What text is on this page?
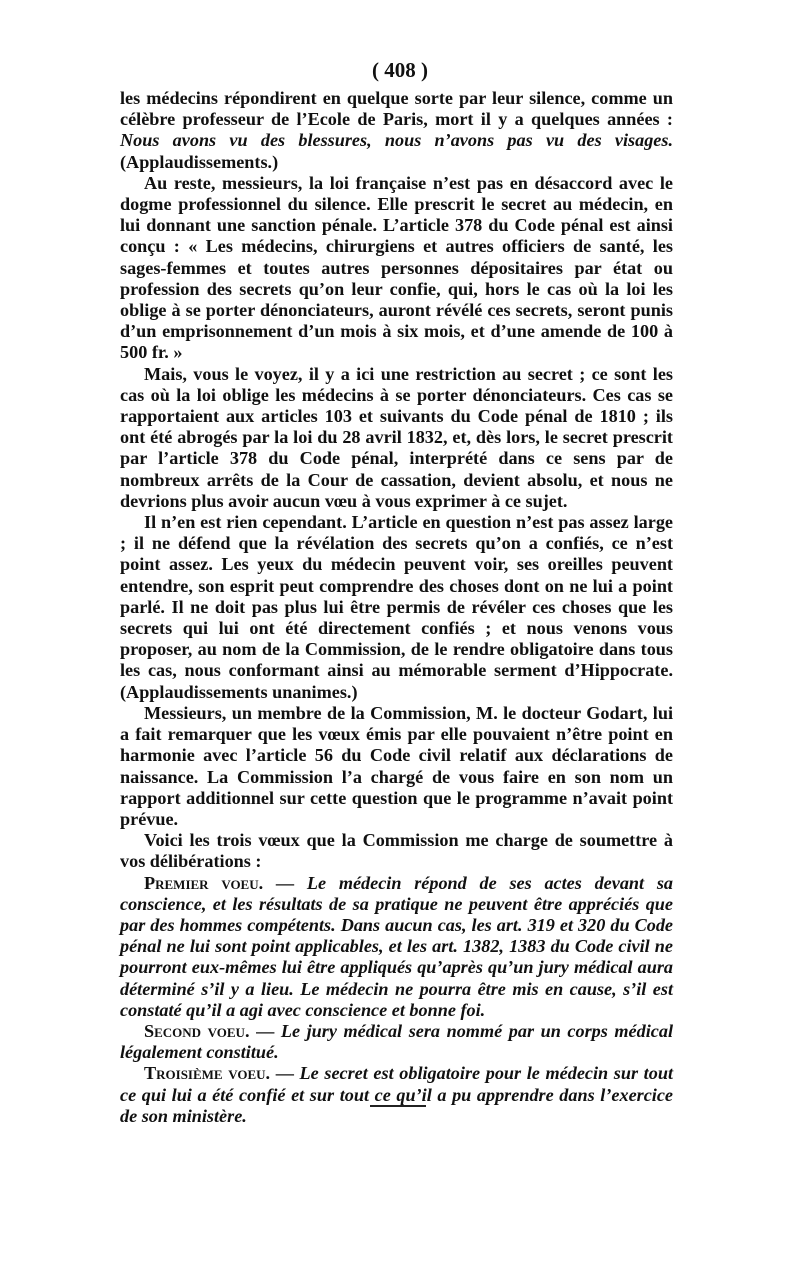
( 408 )

les médecins répondirent en quelque sorte par leur silence, comme un célèbre professeur de l’Ecole de Paris, mort il y a quelques années : Nous avons vu des blessures, nous n’avons pas vu des visages. (Applaudissements.)

Au reste, messieurs, la loi française n’est pas en désaccord avec le dogme professionnel du silence. Elle prescrit le secret au médecin, en lui donnant une sanction pénale. L’article 378 du Code pénal est ainsi conçu : « Les médecins, chirurgiens et autres officiers de santé, les sages-femmes et toutes autres personnes dépositaires par état ou profession des secrets qu’on leur confie, qui, hors le cas où la loi les oblige à se porter dénonciateurs, auront révélé ces secrets, seront punis d’un emprisonnement d’un mois à six mois, et d’une amende de 100 à 500 fr. »

Mais, vous le voyez, il y a ici une restriction au secret ; ce sont les cas où la loi oblige les médecins à se porter dénonciateurs. Ces cas se rapportaient aux articles 103 et suivants du Code pénal de 1810 ; ils ont été abrogés par la loi du 28 avril 1832, et, dès lors, le secret prescrit par l’article 378 du Code pénal, interprété dans ce sens par de nombreux arrêts de la Cour de cassation, devient absolu, et nous ne devrions plus avoir aucun vœu à vous exprimer à ce sujet.

Il n’en est rien cependant. L’article en question n’est pas assez large ; il ne défend que la révélation des secrets qu’on a confiés, ce n’est point assez. Les yeux du médecin peuvent voir, ses oreilles peuvent entendre, son esprit peut comprendre des choses dont on ne lui a point parlé. Il ne doit pas plus lui être permis de révéler ces choses que les secrets qui lui ont été directement confiés ; et nous venons vous proposer, au nom de la Commission, de le rendre obligatoire dans tous les cas, nous conformant ainsi au mémorable serment d’Hippocrate. (Applaudissements unanimes.)

Messieurs, un membre de la Commission, M. le docteur Godart, lui a fait remarquer que les vœux émis par elle pouvaient n’être point en harmonie avec l’article 56 du Code civil relatif aux déclarations de naissance. La Commission l’a chargé de vous faire en son nom un rapport additionnel sur cette question que le programme n’avait point prévue.

Voici les trois vœux que la Commission me charge de soumettre à vos délibérations :

Premier voeu. — Le médecin répond de ses actes devant sa conscience, et les résultats de sa pratique ne peuvent être appréciés que par des hommes compétents. Dans aucun cas, les art. 319 et 320 du Code pénal ne lui sont point applicables, et les art. 1382, 1383 du Code civil ne pourront eux-mêmes lui être appliqués qu’après qu’un jury médical aura déterminé s’il y a lieu. Le médecin ne pourra être mis en cause, s’il est constaté qu’il a agi avec conscience et bonne foi.

Second voeu. — Le jury médical sera nommé par un corps médical légalement constitué.

Troisième voeu. — Le secret est obligatoire pour le médecin sur tout ce qui lui a été confié et sur tout ce qu’il a pu apprendre dans l’exercice de son ministère.
